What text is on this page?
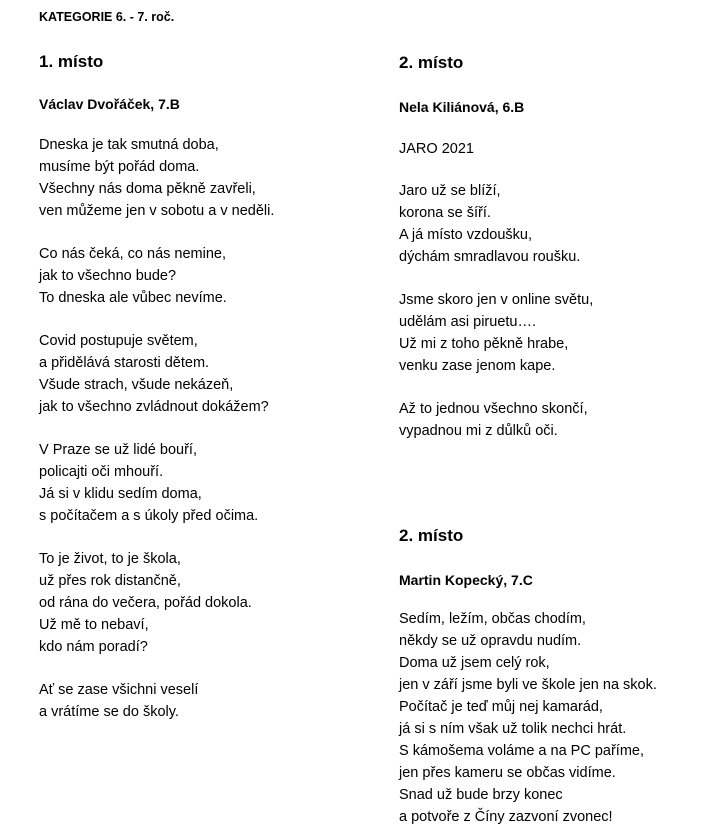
KATEGORIE 6. - 7. roč.

1. místo

Václav Dvořáček, 7.B

Dneska je tak smutná doba,
musíme být pořád doma.
Všechny nás doma pěkně zavřeli,
ven můžeme jen v sobotu a v neděli.
Co nás čeká, co nás nemine,
jak to všechno bude?
To dneska ale vůbec nevíme.
Covid postupuje světem,
a přidělává starosti dětem.
Všude strach, všude nekázeň,
jak to všechno zvládnout dokážem?
V Praze se už lidé bouří,
policajti oči mhouří.
Já si v klidu sedím doma,
s počítačem a s úkoly před očima.
To je život, to je škola,
už přes rok distančně,
od rána do večera, pořád dokola.
Už mě to nebaví,
kdo nám poradí?
Ať se zase všichni veselí
a vrátíme se do školy.

2. místo

Nela Kiliánová, 6.B

JARO 2021

Jaro už se blíží,
korona se šíří.
A já místo vzdoušku,
dýchám smradlavou roušku.
Jsme skoro jen v online světu,
udělám asi piruetu….
Už mi z toho pěkně hrabe,
venku zase jenom kape.
Až to jednou všechno skončí,
vypadnou mi z důlků oči.

2. místo

Martin Kopecký, 7.C

Sedím, ležím, občas chodím,
někdy se už opravdu nudím.
Doma už jsem celý rok,
jen v září jsme byli ve škole jen na skok.
Počítač je teď můj nej kamarád,
já si s ním však už tolik nechci hrát.
S kámošema voláme a na PC paříme,
jen přes kameru se občas vidíme.
Snad už bude brzy konec
a potvoře z Číny zazvoní zvonec!
